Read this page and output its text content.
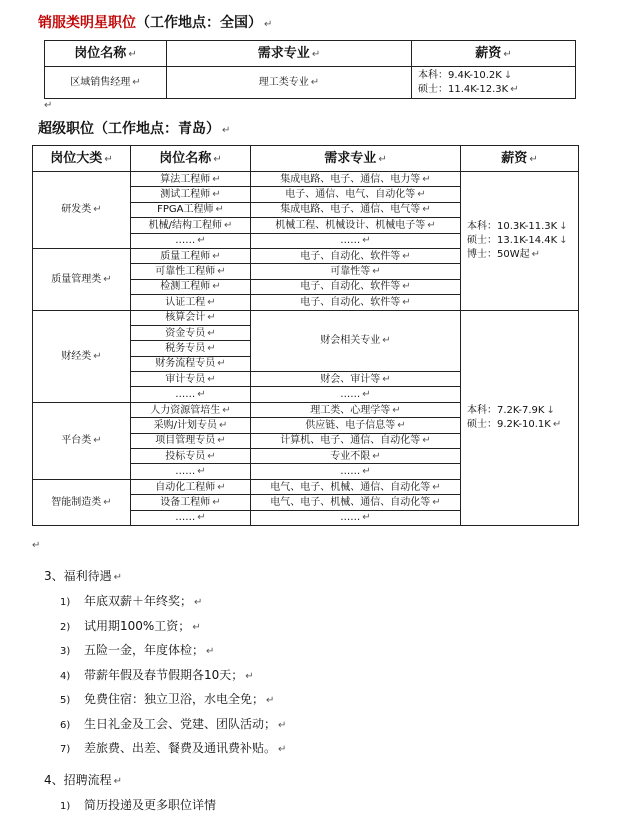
销服类明星职位（工作地点：全国） ↵
岗位名称 ↵	需求专业 ↵	薪资 ↵
区域销售经理 ↵	理工类专业 ↵	本科：9.4K-10.2K ↓
硕士：11.4K-12.3K ↵
↵
超级职位（工作地点：青岛） ↵
岗位大类 ↵	岗位名称 ↵	需求专业 ↵	薪资 ↵
研发类 ↵	算法工程师 ↵	集成电路、电子、通信、电力等 ↵	本科：10.3K-11.3K ↓
硕士：13.1K-14.4K ↓
博士：50W起 ↵
	测试工程师 ↵	电子、通信、电气、自动化等 ↵	
	FPGA工程师 ↵	集成电路、电子、通信、电气等 ↵	
	机械/结构工程师 ↵	机械工程、机械设计、机械电子等 ↵	
	…… ↵	…… ↵	
质量管理类 ↵	质量工程师 ↵	电子、自动化、软件等 ↵	
	可靠性工程师 ↵	可靠性等 ↵	
	检测工程师 ↵	电子、自动化、软件等 ↵	
	认证工程 ↵	电子、自动化、软件等 ↵	
财经类 ↵	核算会计 ↵	财会相关专业 ↵	本科：7.2K-7.9K ↓
硕士：9.2K-10.1K ↵
	资金专员 ↵		
	税务专员 ↵		
	财务流程专员 ↵		
	审计专员 ↵	财会、审计等 ↵	
	…… ↵	…… ↵	
平台类 ↵	人力资源管培生 ↵	理工类、心理学等 ↵	
	采购/计划专员 ↵	供应链、电子信息等 ↵	
	项目管理专员 ↵	计算机、电子、通信、自动化等 ↵	
	投标专员 ↵	专业不限 ↵	
	…… ↵	…… ↵	
智能制造类 ↵	自动化工程师 ↵	电气、电子、机械、通信、自动化等 ↵	
	设备工程师 ↵	电气、电子、机械、通信、自动化等 ↵	
	…… ↵	…… ↵	
↵
3、福利待遇 ↵
1) 年底双薪＋年终奖； ↵
2) 试用期100%工资； ↵
3) 五险一金，年度体检； ↵
4) 带薪年假及春节假期各10天； ↵
5) 免费住宿：独立卫浴，水电全免； ↵
6) 生日礼金及工会、党建、团队活动； ↵
7) 差旅费、出差、餐费及通讯费补贴。 ↵
4、招聘流程 ↵
1) 简历投递及更多职位详情
